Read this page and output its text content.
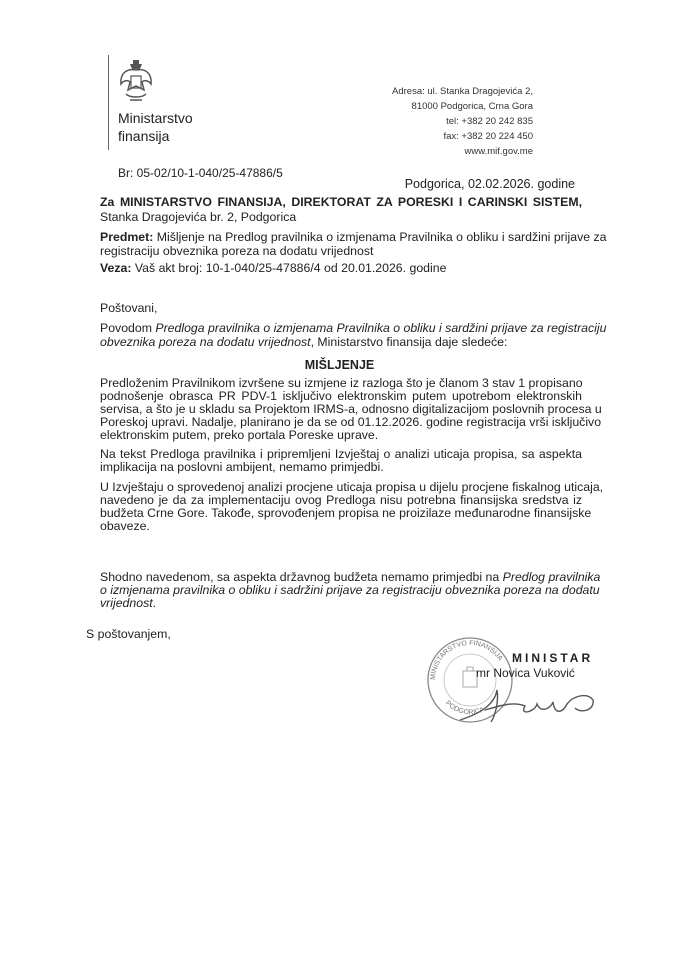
Ministarstvo
finansija
Adresa: ul. Stanka Dragojevića 2,
81000 Podgorica, Crna Gora
tel: +382 20 242 835
fax: +382 20 224 450
www.mif.gov.me
Br: 05-02/10-1-040/25-47886/5
Podgorica, 02.02.2026. godine
Za MINISTARSTVO FINANSIJA, DIREKTORAT ZA PORESKI I CARINSKI SISTEM,
Stanka Dragojevića br. 2, Podgorica
Predmet: Mišljenje na Predlog pravilnika o izmjenama Pravilnika o obliku i sardžini prijave za
registraciju obveznika poreza na dodatu vrijednost
Veza: Vaš akt broj: 10-1-040/25-47886/4 od 20.01.2026. godine
Poštovani,
Povodom Predloga pravilnika o izmjenama Pravilnika o obliku i sardžini prijave za registraciju
obveznika poreza na dodatu vrijednost, Ministarstvo finansija daje sledeće:
MIŠLJENJE
Predloženim Pravilnikom izvršene su izmjene iz razloga što je članom 3 stav 1 propisano
podnošenje obrasca PR PDV-1 isključivo elektronskim putem upotrebom elektronskih
servisa, a što je u skladu sa Projektom IRMS-a, odnosno digitalizacijom poslovnih procesa u
Poreskoj upravi. Nadalje, planirano je da se od 01.12.2026. godine registracija vrši isključivo
elektronskim putem, preko portala Poreske uprave.
Na tekst Predloga pravilnika i pripremljeni Izvještaj o analizi uticaja propisa, sa aspekta
implikacija na poslovni ambijent, nemamo primjedbi.
U Izvještaju o sprovedenoj analizi procjene uticaja propisa u dijelu procjene fiskalnog uticaja,
navedeno je da za implementaciju ovog Predloga nisu potrebna finansijska sredstva iz
budžeta Crne Gore. Takođe, sprovođenjem propisa ne proizilaze međunarodne finansijske
obaveze.
Shodno navedenom, sa aspekta državnog budžeta nemamo primjedbi na Predlog pravilnika
o izmjenama pravilnika o obliku i sadržini prijave za registraciju obveznika poreza na dodatu
vrijednost.
S poštovanjem,
MINISTARSTVO FINANSIJA
PODGORICA
MINISTAR
mr Novica Vuković
